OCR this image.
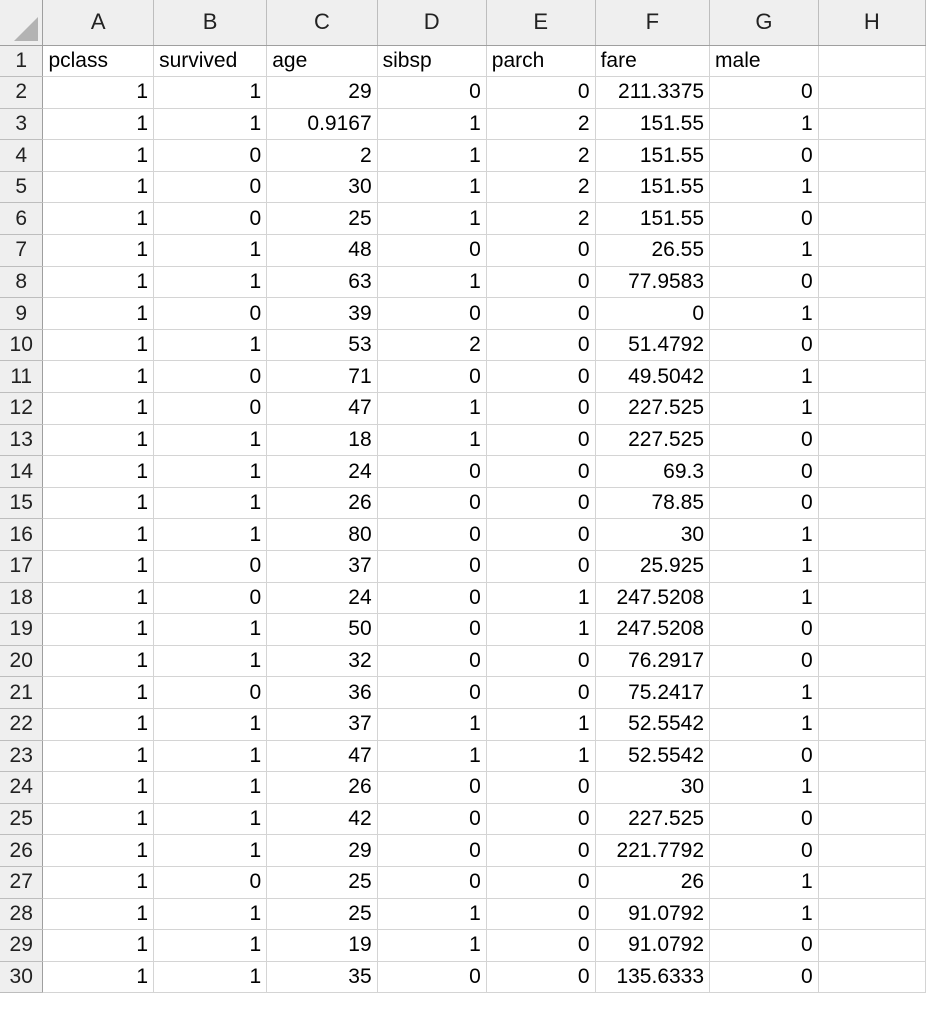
	A	B	C	D	E	F	G	H
1	pclass	survived	age	sibsp	parch	fare	male	
2	1	1	29	0	0	211.3375	0	
3	1	1	0.9167	1	2	151.55	1	
4	1	0	2	1	2	151.55	0	
5	1	0	30	1	2	151.55	1	
6	1	0	25	1	2	151.55	0	
7	1	1	48	0	0	26.55	1	
8	1	1	63	1	0	77.9583	0	
9	1	0	39	0	0	0	1	
10	1	1	53	2	0	51.4792	0	
11	1	0	71	0	0	49.5042	1	
12	1	0	47	1	0	227.525	1	
13	1	1	18	1	0	227.525	0	
14	1	1	24	0	0	69.3	0	
15	1	1	26	0	0	78.85	0	
16	1	1	80	0	0	30	1	
17	1	0	37	0	0	25.925	1	
18	1	0	24	0	1	247.5208	1	
19	1	1	50	0	1	247.5208	0	
20	1	1	32	0	0	76.2917	0	
21	1	0	36	0	0	75.2417	1	
22	1	1	37	1	1	52.5542	1	
23	1	1	47	1	1	52.5542	0	
24	1	1	26	0	0	30	1	
25	1	1	42	0	0	227.525	0	
26	1	1	29	0	0	221.7792	0	
27	1	0	25	0	0	26	1	
28	1	1	25	1	0	91.0792	1	
29	1	1	19	1	0	91.0792	0	
30	1	1	35	0	0	135.6333	0	
